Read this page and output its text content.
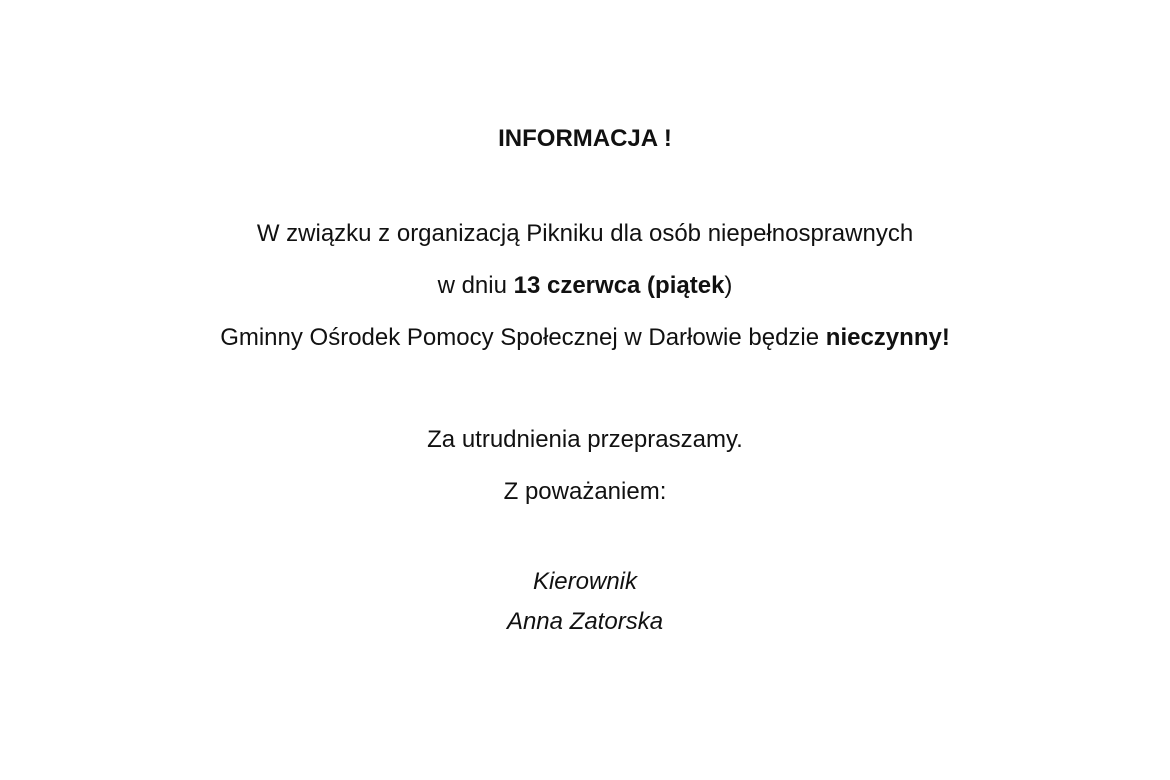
INFORMACJA !
W związku z organizacją Pikniku dla osób niepełnosprawnych
w dniu 13 czerwca (piątek)
Gminny Ośrodek Pomocy Społecznej w Darłowie będzie nieczynny!
Za utrudnienia przepraszamy.
Z poważaniem:
Kierownik
Anna Zatorska
